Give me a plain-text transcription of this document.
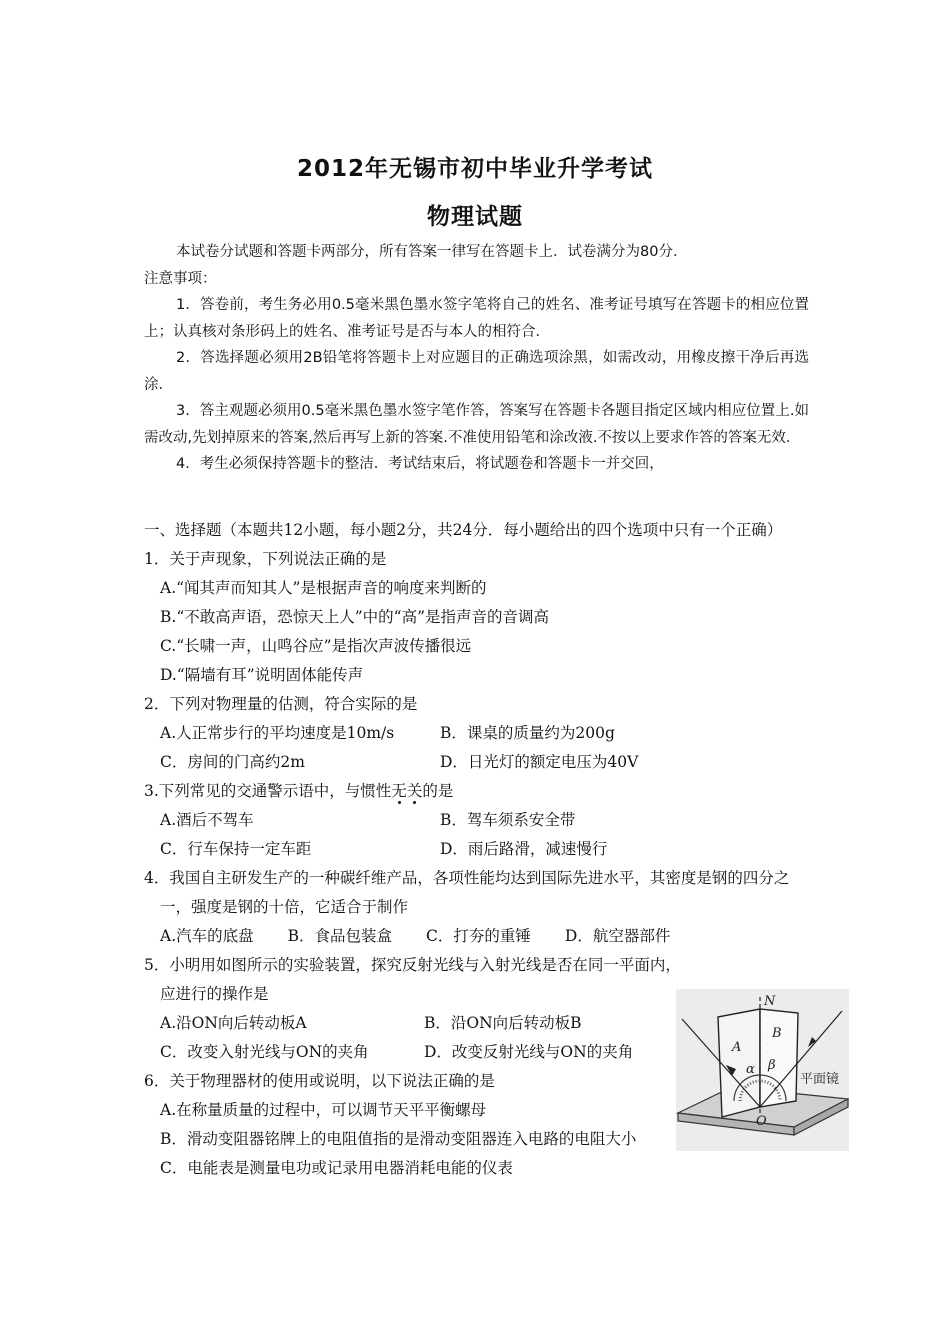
2012年无锡市初中毕业升学考试
物理试题

本试卷分试题和答题卡两部分，所有答案一律写在答题卡上．试卷满分为80分．

注意事项：

1．答卷前，考生务必用0.5毫米黑色墨水签字笔将自己的姓名、准考证号填写在答题卡的相应位置上；认真核对条形码上的姓名、准考证号是否与本人的相符合．

2．答选择题必须用2B铅笔将答题卡上对应题目的正确选项涂黑，如需改动，用橡皮擦干净后再选涂．

3．答主观题必须用0.5毫米黑色墨水签字笔作答，答案写在答题卡各题目指定区域内相应位置上.如需改动,先划掉原来的答案,然后再写上新的答案.不准使用铅笔和涂改液.不按以上要求作答的答案无效．

4．考生必须保持答题卡的整洁．考试结束后，将试题卷和答题卡一并交回，

一、选择题（本题共12小题，每小题2分，共24分．每小题给出的四个选项中只有一个正确）

1．关于声现象，下列说法正确的是

A.“闻其声而知其人”是根据声音的响度来判断的
B.“不敢高声语，恐惊天上人”中的“高”是指声音的音调高
C.“长啸一声，山鸣谷应”是指次声波传播很远
D.“隔墙有耳”说明固体能传声

2．下列对物理量的估测，符合实际的是

A.人正常步行的平均速度是10m/s	B．课桌的质量约为200g
C．房间的门高约2m	D．日光灯的额定电压为40V

3.下列常见的交通警示语中，与惯性无关的是

A.酒后不驾车	B．驾车须系安全带
C．行车保持一定车距	D．雨后路滑，减速慢行

4．我国自主研发生产的一种碳纤维产品，各项性能均达到国际先进水平，其密度是钢的四分之一，强度是钢的十倍，它适合于制作

A.汽车的底盘 B．食品包装盒 C．打夯的重锤 D．航空器部件

5．小明用如图所示的实验装置，探究反射光线与入射光线是否在同一平面内，应进行的操作是

A.沿ON向后转动板A	B．沿ON向后转动板B
C．改变入射光线与ON的夹角	D．改变反射光线与ON的夹角

6．关于物理器材的使用或说明，以下说法正确的是

A.在称量质量的过程中，可以调节天平平衡螺母
B．滑动变阻器铭牌上的电阻值指的是滑动变阻器连入电路的电阻大小
C．电能表是测量电功或记录用电器消耗电能的仪表
N
A
B
α β
O
平面镜
